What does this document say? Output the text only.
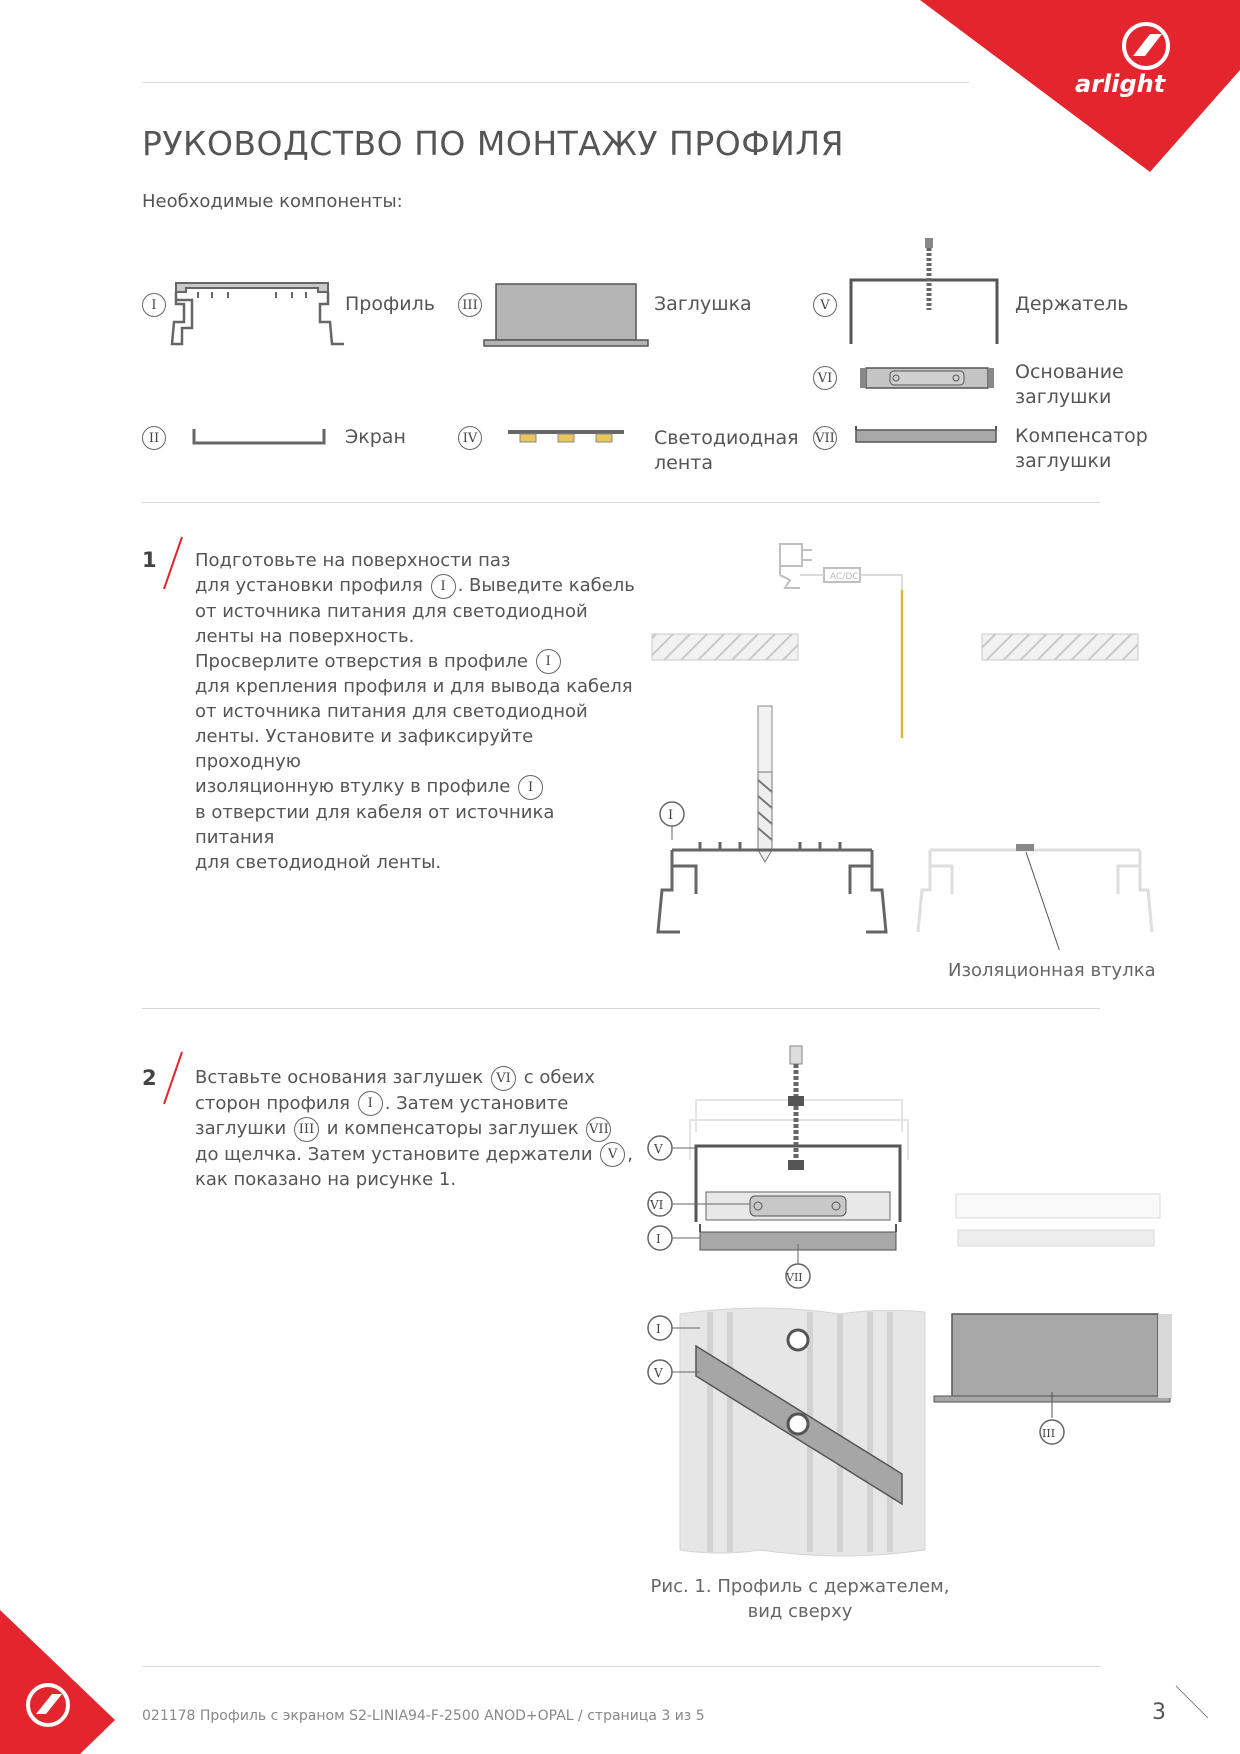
arlight
РУКОВОДСТВО ПО МОНТАЖУ ПРОФИЛЯ
Необходимые компоненты:
I	Профиль
II	Экран
III	Заглушка
IV	Светодиодная
лента
V	Держатель
VI	Основание
заглушки
VII	Компенсатор
заглушки
1 Подготовьте на поверхности паз
для установки профиля I . Выведите кабель
от источника питания для светодиодной
ленты на поверхность.
Просверлите отверстия в профиле I
для крепления профиля и для вывода кабеля
от источника питания для светодиодной
ленты. Установите и зафиксируйте проходную
изоляционную втулку в профиле I
в отверстии для кабеля от источника питания
для светодиодной ленты.
AC/DC
I
Изоляционная втулка
2 Вставьте основания заглушек VI с обеих
сторон профиля I . Затем установите
заглушки III и компенсаторы заглушек VII
до щелчка. Затем установите держатели V ,
как показано на рисунке 1.
V
VI
I
VII
I
V
III
Рис. 1. Профиль с держателем,
вид сверху
021178 Профиль с экраном S2-LINIA94-F-2500 ANOD+OPAL / страница 3 из 5	3
